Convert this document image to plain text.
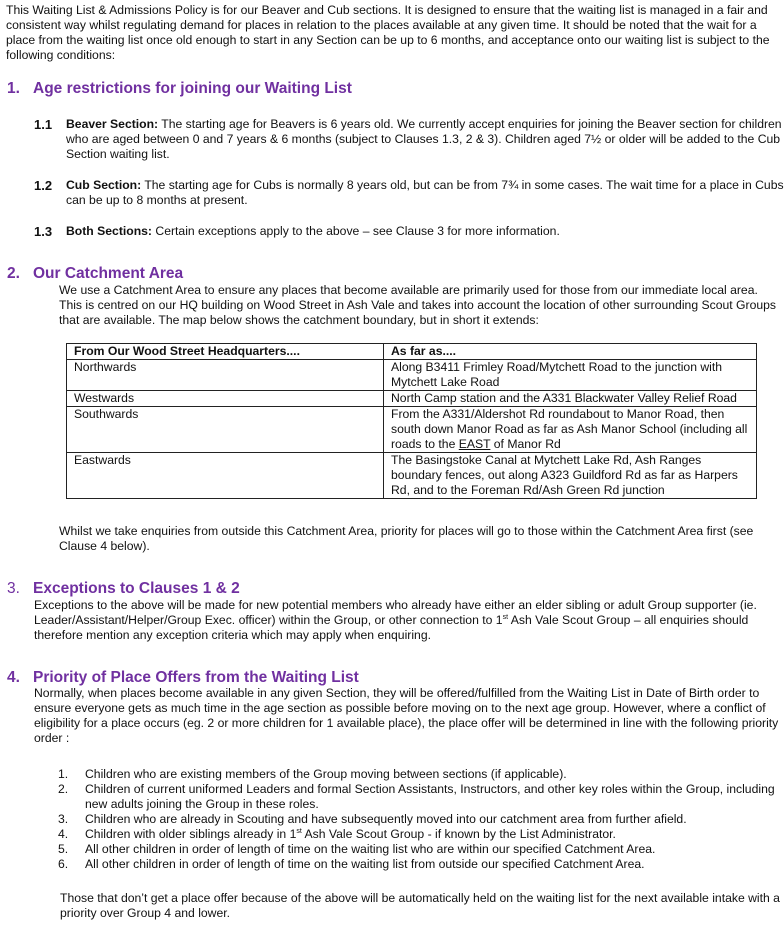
This Waiting List & Admissions Policy is for our Beaver and Cub sections. It is designed to ensure that the waiting list is managed in a fair and consistent way whilst regulating demand for places in relation to the places available at any given time. It should be noted that the wait for a place from the waiting list once old enough to start in any Section can be up to 6 months, and acceptance onto our waiting list is subject to the following conditions:

1. Age restrictions for joining our Waiting List
1.1 Beaver Section: The starting age for Beavers is 6 years old. We currently accept enquiries for joining the Beaver section for children who are aged between 0 and 7 years & 6 months (subject to Clauses 1.3, 2 & 3). Children aged 7½ or older will be added to the Cub Section waiting list.

1.2 Cub Section: The starting age for Cubs is normally 8 years old, but can be from 7¾ in some cases. The wait time for a place in Cubs can be up to 8 months at present.

1.3 Both Sections: Certain exceptions apply to the above – see Clause 3 for more information.

2. Our Catchment Area

We use a Catchment Area to ensure any places that become available are primarily used for those from our immediate local area. This is centred on our HQ building on Wood Street in Ash Vale and takes into account the location of other surrounding Scout Groups that are available. The map below shows the catchment boundary, but in short it extends:

From Our Wood Street Headquarters....	As far as....
Northwards	Along B3411 Frimley Road/Mytchett Road to the junction with Mytchett Lake Road
Westwards	North Camp station and the A331 Blackwater Valley Relief Road
Southwards	From the A331/Aldershot Rd roundabout to Manor Road, then south down Manor Road as far as Ash Manor School (including all roads to the EAST of Manor Rd
Eastwards	The Basingstoke Canal at Mytchett Lake Rd, Ash Ranges boundary fences, out along A323 Guildford Rd as far as Harpers Rd, and to the Foreman Rd/Ash Green Rd junction

Whilst we take enquiries from outside this Catchment Area, priority for places will go to those within the Catchment Area first (see Clause 4 below).

3. Exceptions to Clauses 1 & 2

Exceptions to the above will be made for new potential members who already have either an elder sibling or adult Group supporter (ie. Leader/Assistant/Helper/Group Exec. officer) within the Group, or other connection to 1st Ash Vale Scout Group – all enquiries should therefore mention any exception criteria which may apply when enquiring.

4. Priority of Place Offers from the Waiting List

Normally, when places become available in any given Section, they will be offered/fulfilled from the Waiting List in Date of Birth order to ensure everyone gets as much time in the age section as possible before moving on to the next age group. However, where a conflict of eligibility for a place occurs (eg. 2 or more children for 1 available place), the place offer will be determined in line with the following priority order :

1. Children who are existing members of the Group moving between sections (if applicable).
2. Children of current uniformed Leaders and formal Section Assistants, Instructors, and other key roles within the Group, including new adults joining the Group in these roles.
3. Children who are already in Scouting and have subsequently moved into our catchment area from further afield.
4. Children with older siblings already in 1st Ash Vale Scout Group - if known by the List Administrator.
5. All other children in order of length of time on the waiting list who are within our specified Catchment Area.
6. All other children in order of length of time on the waiting list from outside our specified Catchment Area.

Those that don’t get a place offer because of the above will be automatically held on the waiting list for the next available intake with a priority over Group 4 and lower.
